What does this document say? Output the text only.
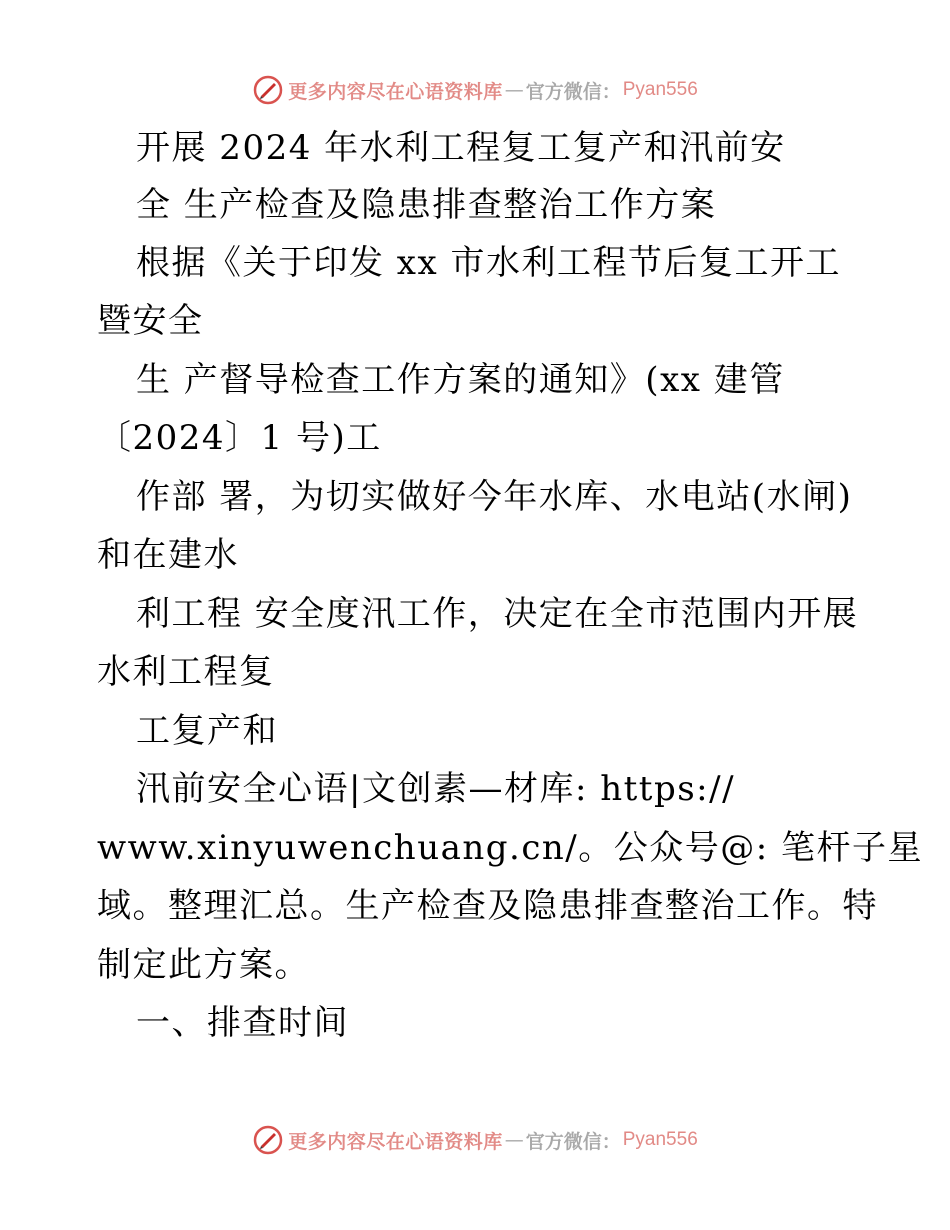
更多内容尽在心语资料库 — 官方微信： Pyan556
开展 2024 年水利工程复工复产和汛前安
全 生产检查及隐患排查整治工作方案
根据《关于印发 xx 市水利工程节后复工开工
暨安全
生 产督导检查工作方案的通知》(xx 建管
〔2024〕1 号)工
作部 署，为切实做好今年水库、水电站(水闸)
和在建水
利工程 安全度汛工作，决定在全市范围内开展
水利工程复
工复产和
汛前安全心语|文创素—材库: https://
www.xinyuwenchuang.cn/。公众号@: 笔杆子星
域。整理汇总。生产检查及隐患排查整治工作。特
制定此方案。
一、排查时间
更多内容尽在心语资料库 — 官方微信： Pyan556
